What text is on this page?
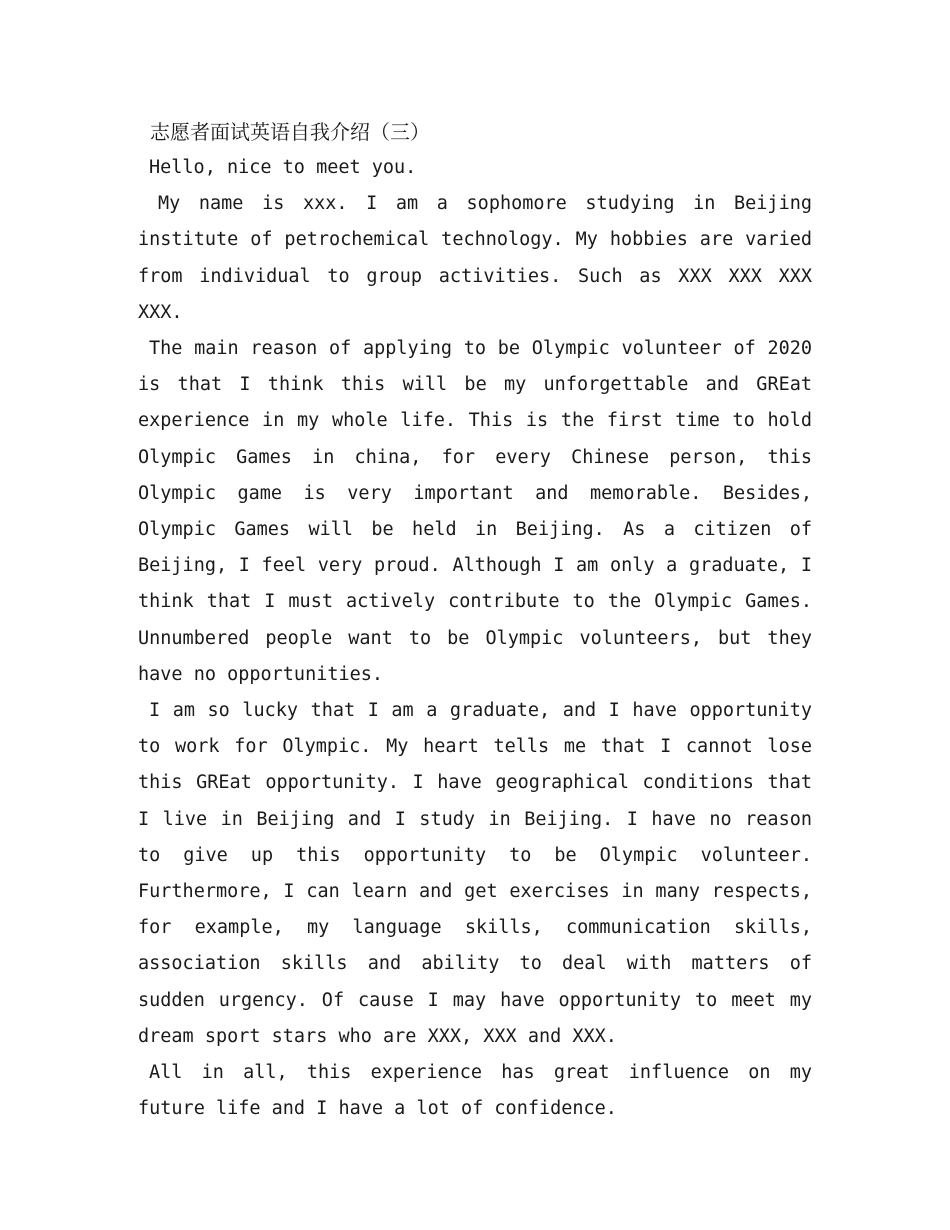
志愿者面试英语自我介绍（三）

Hello, nice to meet you.

My name is xxx. I am a sophomore studying in Beijing institute of petrochemical technology. My hobbies are varied from individual to group activities. Such as XXX XXX XXX XXX.

The main reason of applying to be Olympic volunteer of 2020 is that I think this will be my unforgettable and GREat experience in my whole life. This is the first time to hold Olympic Games in china, for every Chinese person, this Olympic game is very important and memorable. Besides, Olympic Games will be held in Beijing. As a citizen of Beijing, I feel very proud. Although I am only a graduate, I think that I must actively contribute to the Olympic Games. Unnumbered people want to be Olympic volunteers, but they have no opportunities.

I am so lucky that I am a graduate, and I have opportunity to work for Olympic. My heart tells me that I cannot lose this GREat opportunity. I have geographical conditions that I live in Beijing and I study in Beijing. I have no reason to give up this opportunity to be Olympic volunteer. Furthermore, I can learn and get exercises in many respects, for example, my language skills, communication skills, association skills and ability to deal with matters of sudden urgency. Of cause I may have opportunity to meet my dream sport stars who are XXX, XXX and XXX.

All in all, this experience has great influence on my future life and I have a lot of confidence.
